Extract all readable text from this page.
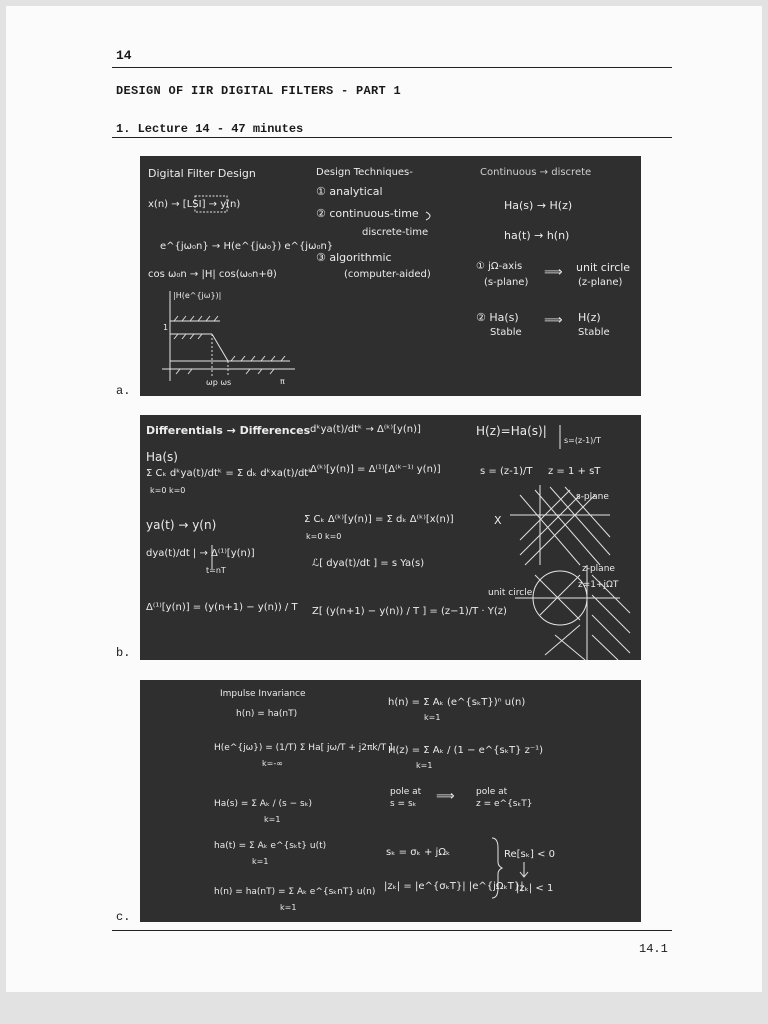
14
DESIGN OF IIR DIGITAL FILTERS - PART 1
1. Lecture 14 - 47 minutes
Digital Filter Design
x(n) → [LSI] → y(n)
e^{jω₀n} → H(e^{jω₀}) e^{jω₀n}
cos ω₀n → |H| cos(ω₀n+θ)
|H(e^{jω})|
1
ωp ωs	π
Design Techniques-
① analytical
② continuous-time
discrete-time
③ algorithmic
(computer-aided)
Continuous → discrete
Ha(s) → H(z)
ha(t) → h(n)
① jΩ-axis
(s-plane)
⟹ unit circle
(z-plane)
② Ha(s)
Stable
⟹ H(z)
Stable
a.
Differentials → Differences dᵏya(t)/dtᵏ → Δ⁽ᵏ⁾[y(n)]	H(z)=Ha(s)|
s=(z-1)/T
Ha(s)
Σ Cₖ dᵏya(t)/dtᵏ = Σ dₖ dᵏxa(t)/dtᵏ
k=0 k=0
Δ⁽ᵏ⁾[y(n)] = Δ⁽¹⁾[Δ⁽ᵏ⁻¹⁾ y(n)]	s = (z-1)/T z = 1 + sT
s-plane
ya(t) → y(n)	Σ Cₖ Δ⁽ᵏ⁾[y(n)] = Σ dₖ Δ⁽ᵏ⁾[x(n)]
k=0 k=0
X
dya(t)/dt | → Δ⁽¹⁾[y(n)]
t=nT
ℒ[ dya(t)/dt ] = s Ya(s)
Δ⁽¹⁾[y(n)] = (y(n+1) − y(n)) / T Z[ (y(n+1) − y(n)) / T ] = (z−1)/T · Y(z)
z-plane
unit circle
z=1+jΩT
b.
Impulse Invariance
h(n) = ha(nT)
H(e^{jω}) = (1/T) Σ Ha[ jω/T + j2πk/T ]
k=-∞
Ha(s) = Σ Aₖ / (s − sₖ)
k=1
ha(t) = Σ Aₖ e^{sₖt} u(t)
k=1
h(n) = ha(nT) = Σ Aₖ e^{sₖnT} u(n)
k=1
h(n) = Σ Aₖ (e^{sₖT})ⁿ u(n)
k=1
H(z) = Σ Aₖ / (1 − e^{sₖT} z⁻¹)
k=1
pole at
s = sₖ ⟹ pole at
z = e^{sₖT}
sₖ = σₖ + jΩₖ
|zₖ| = |e^{σₖT}| |e^{jΩₖT}|
Re[sₖ] < 0
|zₖ| < 1
c.
14.1
